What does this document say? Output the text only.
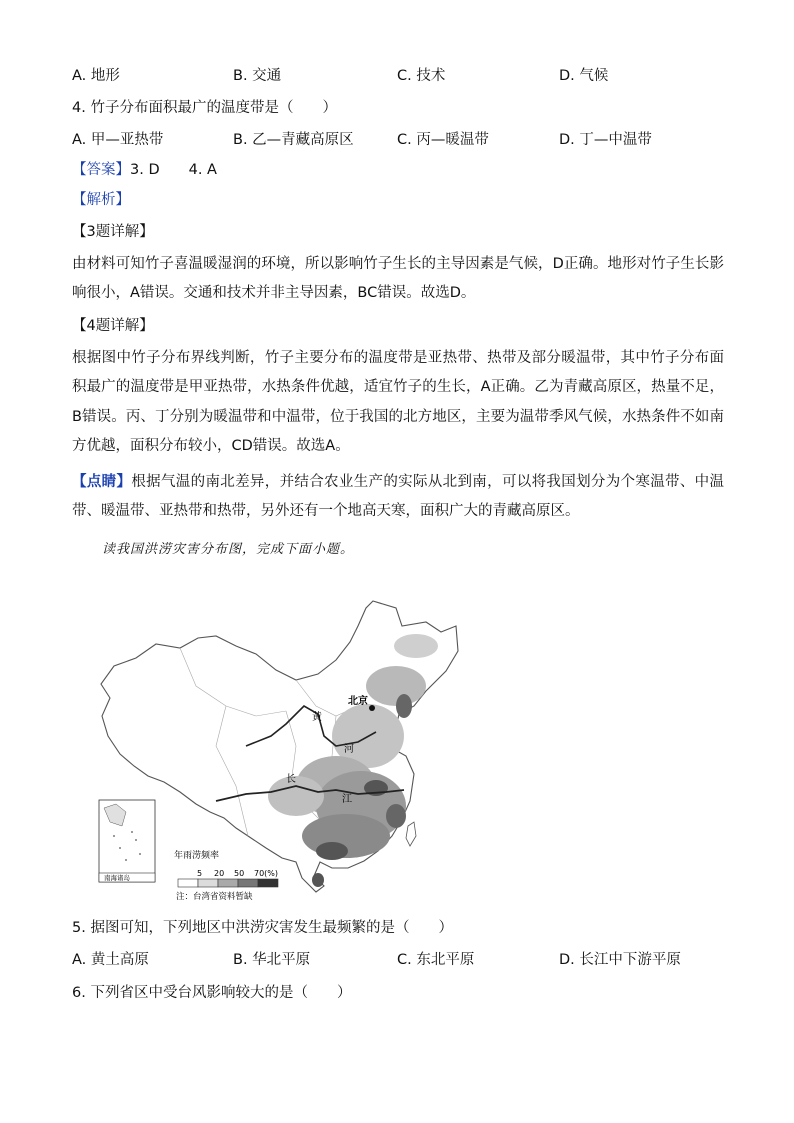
A. 地形	B. 交通	C. 技术	D. 气候
4. 竹子分布面积最广的温度带是（　　）
A. 甲—亚热带	B. 乙—青藏高原区	C. 丙—暖温带	D. 丁—中温带
【答案】3. D　　4. A
【解析】
【3题详解】
由材料可知竹子喜温暖湿润的环境，所以影响竹子生长的主导因素是气候，D正确。地形对竹子生长影响很小，A错误。交通和技术并非主导因素，BC错误。故选D。
【4题详解】
根据图中竹子分布界线判断，竹子主要分布的温度带是亚热带、热带及部分暖温带，其中竹子分布面积最广的温度带是甲亚热带，水热条件优越，适宜竹子的生长，A正确。乙为青藏高原区，热量不足，B错误。丙、丁分别为暖温带和中温带，位于我国的北方地区，主要为温带季风气候，水热条件不如南方优越，面积分布较小，CD错误。故选A。
【点睛】根据气温的南北差异，并结合农业生产的实际从北到南，可以将我国划分为个寒温带、中温带、暖温带、亚热带和热带，另外还有一个地高天寒，面积广大的青藏高原区。
读我国洪涝灾害分布图，完成下面小题。
北京
黄
河
长
江
南海诸岛
年雨涝频率
5 20 50 70(%)
注：台湾省资料暂缺
5. 据图可知，下列地区中洪涝灾害发生最频繁的是（　　）
A. 黄土高原	B. 华北平原	C. 东北平原	D. 长江中下游平原
6. 下列省区中受台风影响较大的是（　　）
